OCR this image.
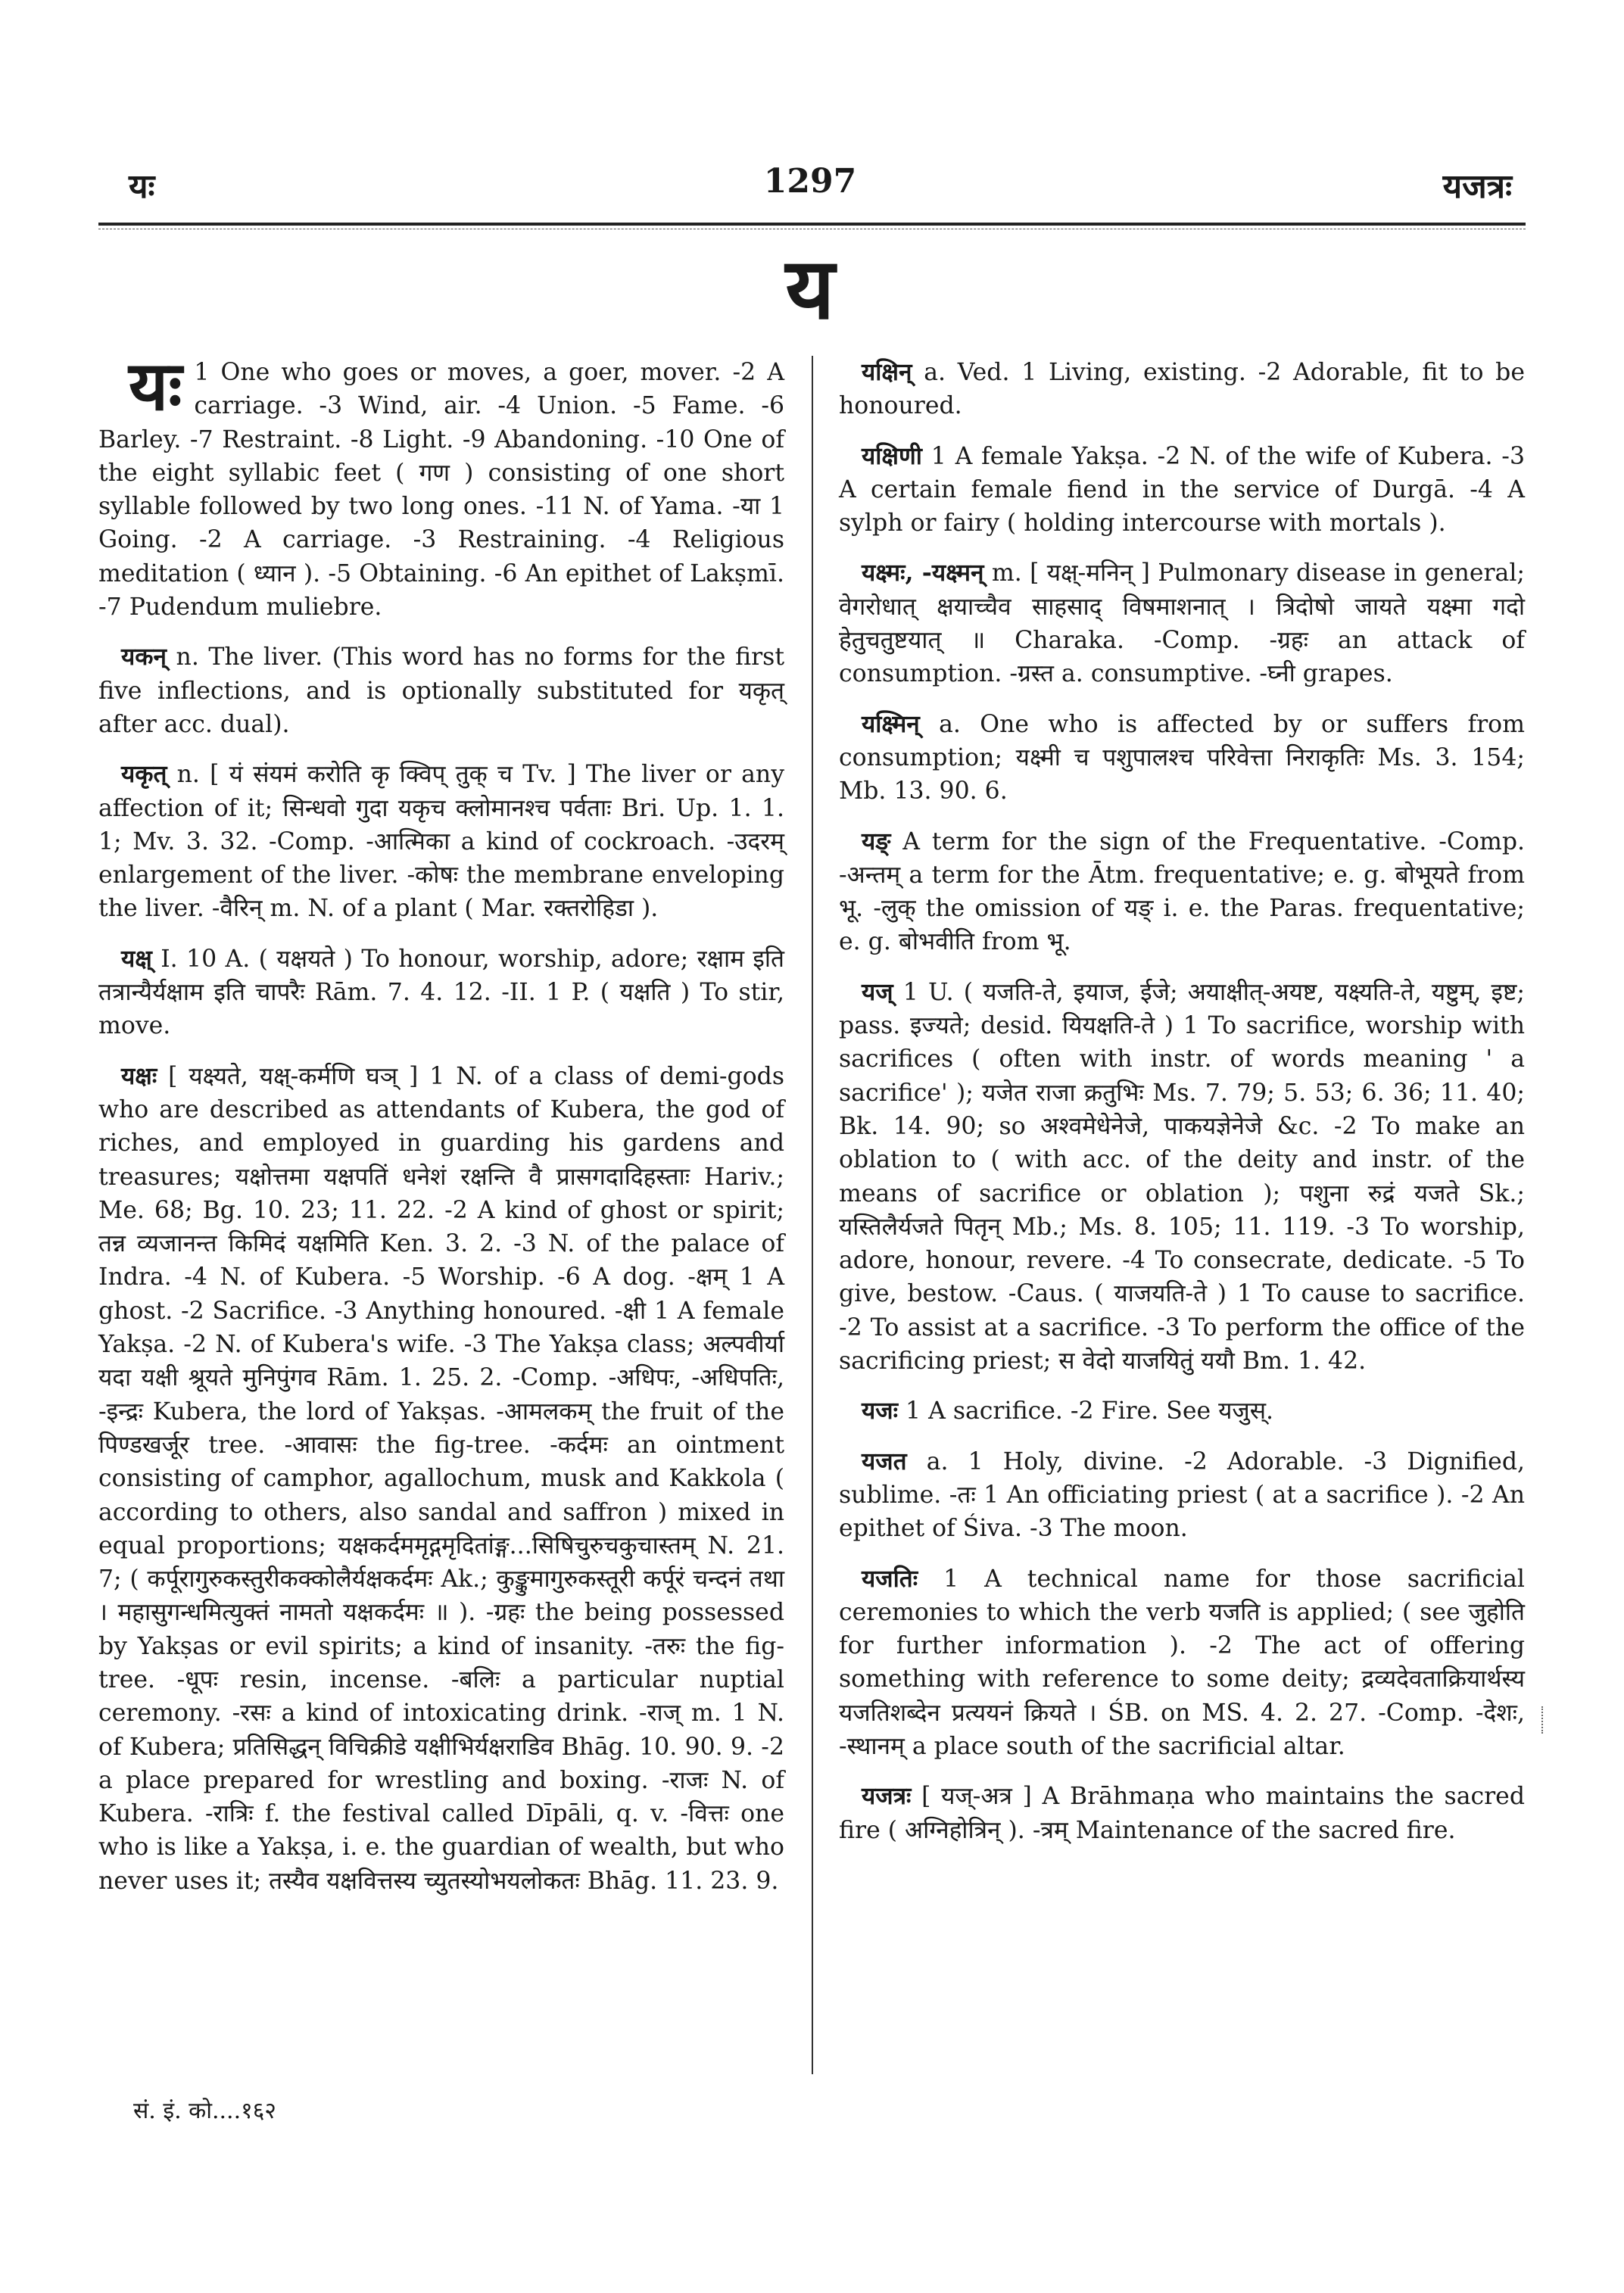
यः	1297	यजत्रः
य

यः 1 One who goes or moves, a goer, mover. -2 A carriage. -3 Wind, air. -4 Union. -5 Fame. -6 Barley. -7 Restraint. -8 Light. -9 Abandoning. -10 One of the eight syllabic feet ( गण ) consisting of one short syllable followed by two long ones. -11 N. of Yama. -या 1 Going. -2 A carriage. -3 Restraining. -4 Religious meditation ( ध्यान ). -5 Obtaining. -6 An epithet of Lakṣmī. -7 Pudendum muliebre.

यकन् n. The liver. (This word has no forms for the first five inflections, and is optionally substituted for यकृत् after acc. dual).

यकृत् n. [ यं संयमं करोति कृ क्विप् तुक् च Tv. ] The liver or any affection of it; सिन्धवो गुदा यकृच क्लोमानश्च पर्वताः Bri. Up. 1. 1. 1; Mv. 3. 32. -Comp. -आत्मिका a kind of cockroach. -उदरम् enlargement of the liver. -कोषः the membrane enveloping the liver. -वैरिन् m. N. of a plant ( Mar. रक्तरोहिडा ).

यक्ष् I. 10 A. ( यक्षयते ) To honour, worship, adore; रक्षाम इति तत्रान्यैर्यक्षाम इति चापरैः Rām. 7. 4. 12. -II. 1 P. ( यक्षति ) To stir, move.

यक्षः [ यक्ष्यते, यक्ष्-कर्मणि घञ् ] 1 N. of a class of demi-gods who are described as attendants of Kubera, the god of riches, and employed in guarding his gardens and treasures; यक्षोत्तमा यक्षपतिं धनेशं रक्षन्ति वै प्रासगदादिहस्ताः Hariv.; Me. 68; Bg. 10. 23; 11. 22. -2 A kind of ghost or spirit; तन्न व्यजानन्त किमिदं यक्षमिति Ken. 3. 2. -3 N. of the palace of Indra. -4 N. of Kubera. -5 Worship. -6 A dog. -क्षम् 1 A ghost. -2 Sacrifice. -3 Anything honoured. -क्षी 1 A female Yakṣa. -2 N. of Kubera's wife. -3 The Yakṣa class; अल्पवीर्या यदा यक्षी श्रूयते मुनिपुंगव Rām. 1. 25. 2. -Comp. -अधिपः, -अधिपतिः, -इन्द्रः Kubera, the lord of Yakṣas. -आमलकम् the fruit of the पिण्डखर्जूर tree. -आवासः the fig-tree. -कर्दमः an ointment consisting of camphor, agallochum, musk and Kakkola ( according to others, also sandal and saffron ) mixed in equal proportions; यक्षकर्दममृद्गमृदितांङ्ग...सिषिचुरुचकुचास्तम् N. 21. 7; ( कर्पूरागुरुकस्तुरीकक्कोलैर्यक्षकर्दमः Ak.; कुङ्कुमागुरुकस्तूरी कर्पूरं चन्दनं तथा । महासुगन्धमित्युक्तं नामतो यक्षकर्दमः ॥ ). -ग्रहः the being possessed by Yakṣas or evil spirits; a kind of insanity. -तरुः the fig-tree. -धूपः resin, incense. -बलिः a particular nuptial ceremony. -रसः a kind of intoxicating drink. -राज् m. 1 N. of Kubera; प्रतिसिद्धन् विचिक्रीडे यक्षीभिर्यक्षराडिव Bhāg. 10. 90. 9. -2 a place prepared for wrestling and boxing. -राजः N. of Kubera. -रात्रिः f. the festival called Dīpāli, q. v. -वित्तः one who is like a Yakṣa, i. e. the guardian of wealth, but who never uses it; तस्यैव यक्षवित्तस्य च्युतस्योभयलोकतः Bhāg. 11. 23. 9.

यक्षिन् a. Ved. 1 Living, existing. -2 Adorable, fit to be honoured.

यक्षिणी 1 A female Yakṣa. -2 N. of the wife of Kubera. -3 A certain female fiend in the service of Durgā. -4 A sylph or fairy ( holding intercourse with mortals ).

यक्ष्मः, -यक्ष्मन् m. [ यक्ष्-मनिन् ] Pulmonary disease in general; वेगरोधात् क्षयाच्चैव साहसाद् विषमाशनात् । त्रिदोषो जायते यक्ष्मा गदो हेतुचतुष्टयात् ॥ Charaka. -Comp. -ग्रहः an attack of consumption. -ग्रस्त a. consumptive. -घ्नी grapes.

यक्ष्मिन् a. One who is affected by or suffers from consumption; यक्ष्मी च पशुपालश्च परिवेत्ता निराकृतिः Ms. 3. 154; Mb. 13. 90. 6.

यङ् A term for the sign of the Frequentative. -Comp. -अन्तम् a term for the Ātm. frequentative; e. g. बोभूयते from भू. -लुक् the omission of यङ् i. e. the Paras. frequentative; e. g. बोभवीति from भू.

यज् 1 U. ( यजति-ते, इयाज, ईजे; अयाक्षीत्-अयष्ट, यक्ष्यति-ते, यष्टुम्, इष्ट; pass. इज्यते; desid. यियक्षति-ते ) 1 To sacrifice, worship with sacrifices ( often with instr. of words meaning ' a sacrifice' ); यजेत राजा क्रतुभिः Ms. 7. 79; 5. 53; 6. 36; 11. 40; Bk. 14. 90; so अश्वमेधेनेजे, पाकयज्ञेनेजे &c. -2 To make an oblation to ( with acc. of the deity and instr. of the means of sacrifice or oblation ); पशुना रुद्रं यजते Sk.; यस्तिलैर्यजते पितृन् Mb.; Ms. 8. 105; 11. 119. -3 To worship, adore, honour, revere. -4 To consecrate, dedicate. -5 To give, bestow. -Caus. ( याजयति-ते ) 1 To cause to sacrifice. -2 To assist at a sacrifice. -3 To perform the office of the sacrificing priest; स वेदो याजयितुं ययौ Bm. 1. 42.

यजः 1 A sacrifice. -2 Fire. See यजुस्.

यजत a. 1 Holy, divine. -2 Adorable. -3 Dignified, sublime. -तः 1 An officiating priest ( at a sacrifice ). -2 An epithet of Śiva. -3 The moon.

यजतिः 1 A technical name for those sacrificial ceremonies to which the verb यजति is applied; ( see जुहोति for further information ). -2 The act of offering something with reference to some deity; द्रव्यदेवताक्रियार्थस्य यजतिशब्देन प्रत्ययनं क्रियते । ŚB. on MS. 4. 2. 27. -Comp. -देशः, -स्थानम् a place south of the sacrificial altar.

यजत्रः [ यज्-अत्र ] A Brāhmaṇa who maintains the sacred fire ( अग्निहोत्रिन् ). -त्रम् Maintenance of the sacred fire.

सं. इं. को....१६२
